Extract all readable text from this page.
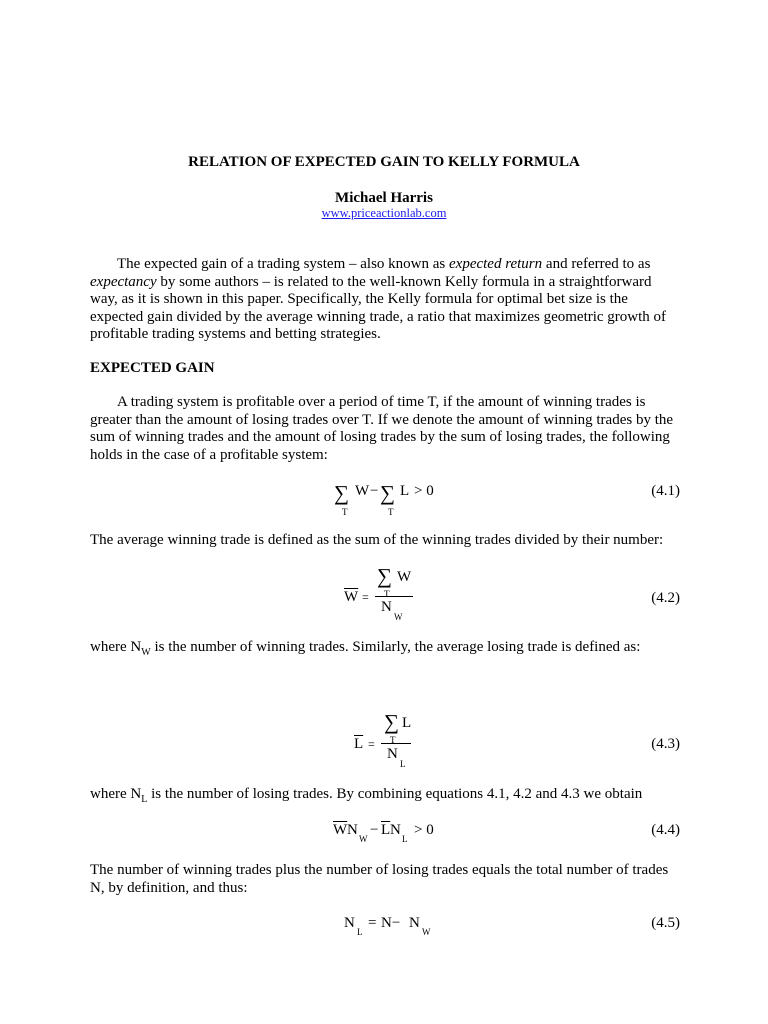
RELATION OF EXPECTED GAIN TO KELLY FORMULA
Michael Harris
www.priceactionlab.com
The expected gain of a trading system – also known as expected return and referred to as expectancy by some authors – is related to the well-known Kelly formula in a straightforward way, as it is shown in this paper. Specifically, the Kelly formula for optimal bet size is the expected gain divided by the average winning trade, a ratio that maximizes geometric growth of profitable trading systems and betting strategies.
EXPECTED GAIN
A trading system is profitable over a period of time T, if the amount of winning trades is greater than the amount of losing trades over T. If we denote the amount of winning trades by the sum of winning trades and the amount of losing trades by the sum of losing trades, the following holds in the case of a profitable system:
∑
T
W − ∑
T
L > 0	(4.1)
The average winning trade is defined as the sum of the winning trades divided by their number:
$\overline{W}$ =
∑ W
T
N
W
(4.2)
where $N_W$ is the number of winning trades. Similarly, the average losing trade is defined as:
$\overline{L}$ =
∑ L
T
N
L
(4.3)
where $N_L$ is the number of losing trades. By combining equations 4.1, 4.2 and 4.3 we obtain
$\overline{W}$ N
W
− $\overline{L}$ N
L
> 0	(4.4)
The number of winning trades plus the number of losing trades equals the total number of trades N, by definition, and thus:
N
L
= N− N
W
(4.5)
